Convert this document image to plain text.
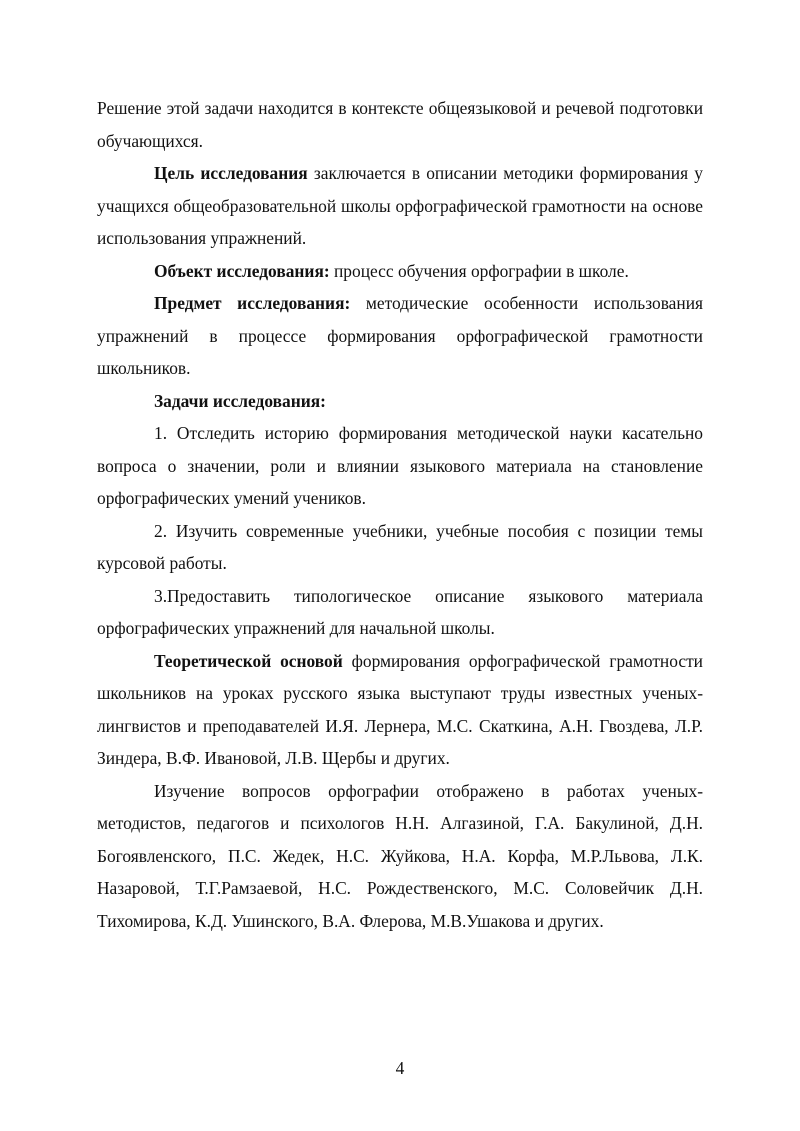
Решение этой задачи находится в контексте общеязыковой и речевой подготовки обучающихся.

Цель исследования заключается в описании методики формирования у учащихся общеобразовательной школы орфографической грамотности на основе использования упражнений.

Объект исследования: процесс обучения орфографии в школе.

Предмет исследования: методические особенности использования упражнений в процессе формирования орфографической грамотности школьников.

Задачи исследования:

1. Отследить историю формирования методической науки касательно вопроса о значении, роли и влиянии языкового материала на становление орфографических умений учеников.

2. Изучить современные учебники, учебные пособия с позиции темы курсовой работы.

3.Предоставить типологическое описание языкового материала орфографических упражнений для начальной школы.

Теоретической основой формирования орфографической грамотности школьников на уроках русского языка выступают труды известных ученых-лингвистов и преподавателей И.Я. Лернера, М.С. Скаткина, А.Н. Гвоздева, Л.Р. Зиндера, В.Ф. Ивановой, Л.В. Щербы и других.

Изучение вопросов орфографии отображено в работах ученых-методистов, педагогов и психологов Н.Н. Алгазиной, Г.А. Бакулиной, Д.Н. Богоявленского, П.С. Жедек, Н.С. Жуйкова, Н.А. Корфа, М.Р.Львова, Л.К. Назаровой, Т.Г.Рамзаевой, Н.С. Рождественского, М.С. Соловейчик Д.Н. Тихомирова, К.Д. Ушинского, В.А. Флерова, М.В.Ушакова и других.

4
